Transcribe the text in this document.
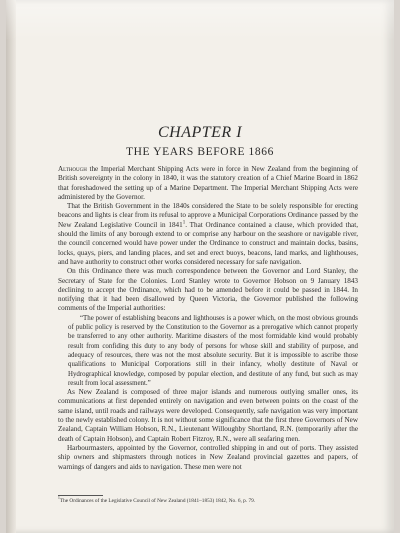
CHAPTER I
THE YEARS BEFORE 1866

Although the Imperial Merchant Shipping Acts were in force in New Zealand from the beginning of British sovereignty in the colony in 1840, it was the statutory creation of a Chief Marine Board in 1862 that foreshadowed the setting up of a Marine Department. The Imperial Merchant Shipping Acts were administered by the Governor.

That the British Government in the 1840s considered the State to be solely responsible for erecting beacons and lights is clear from its refusal to approve a Municipal Corporations Ordinance passed by the New Zealand Legislative Council in 1841$^1$. That Ordinance contained a clause, which provided that, should the limits of any borough extend to or comprise any harbour on the seashore or navigable river, the council concerned would have power under the Ordinance to construct and maintain docks, basins, locks, quays, piers, and landing places, and set and erect buoys, beacons, land marks, and lighthouses, and have authority to construct other works considered necessary for safe navigation.

On this Ordinance there was much correspondence between the Governor and Lord Stanley, the Secretary of State for the Colonies. Lord Stanley wrote to Governor Hobson on 9 January 1843 declining to accept the Ordinance, which had to be amended before it could be passed in 1844. In notifying that it had been disallowed by Queen Victoria, the Governor published the following comments of the Imperial authorities:

“The power of establishing beacons and lighthouses is a power which, on the most obvious grounds of public policy is reserved by the Constitution to the Governor as a prerogative which cannot properly be transferred to any other authority. Maritime disasters of the most formidable kind would probably result from confiding this duty to any body of persons for whose skill and stability of purpose, and adequacy of resources, there was not the most absolute security. But it is impossible to ascribe those qualifications to Municipal Corporations still in their infancy, wholly destitute of Naval or Hydrographical knowledge, composed by popular election, and destitute of any fund, but such as may result from local assessment.”

As New Zealand is composed of three major islands and numerous outlying smaller ones, its communications at first depended entirely on navigation and even between points on the coast of the same island, until roads and railways were developed. Consequently, safe navigation was very important to the newly established colony. It is not without some significance that the first three Governors of New Zealand, Captain William Hobson, R.N., Lieutenant Willoughby Shortland, R.N. (temporarily after the death of Captain Hobson), and Captain Robert Fitzroy, R.N., were all seafaring men.

Harbourmasters, appointed by the Governor, controlled shipping in and out of ports. They assisted ship owners and shipmasters through notices in New Zealand provincial gazettes and papers, of warnings of dangers and aids to navigation. These men were not

$^1$The Ordinances of the Legislative Council of New Zealand (1841–1853) 1842, No. 6, p. 79.
